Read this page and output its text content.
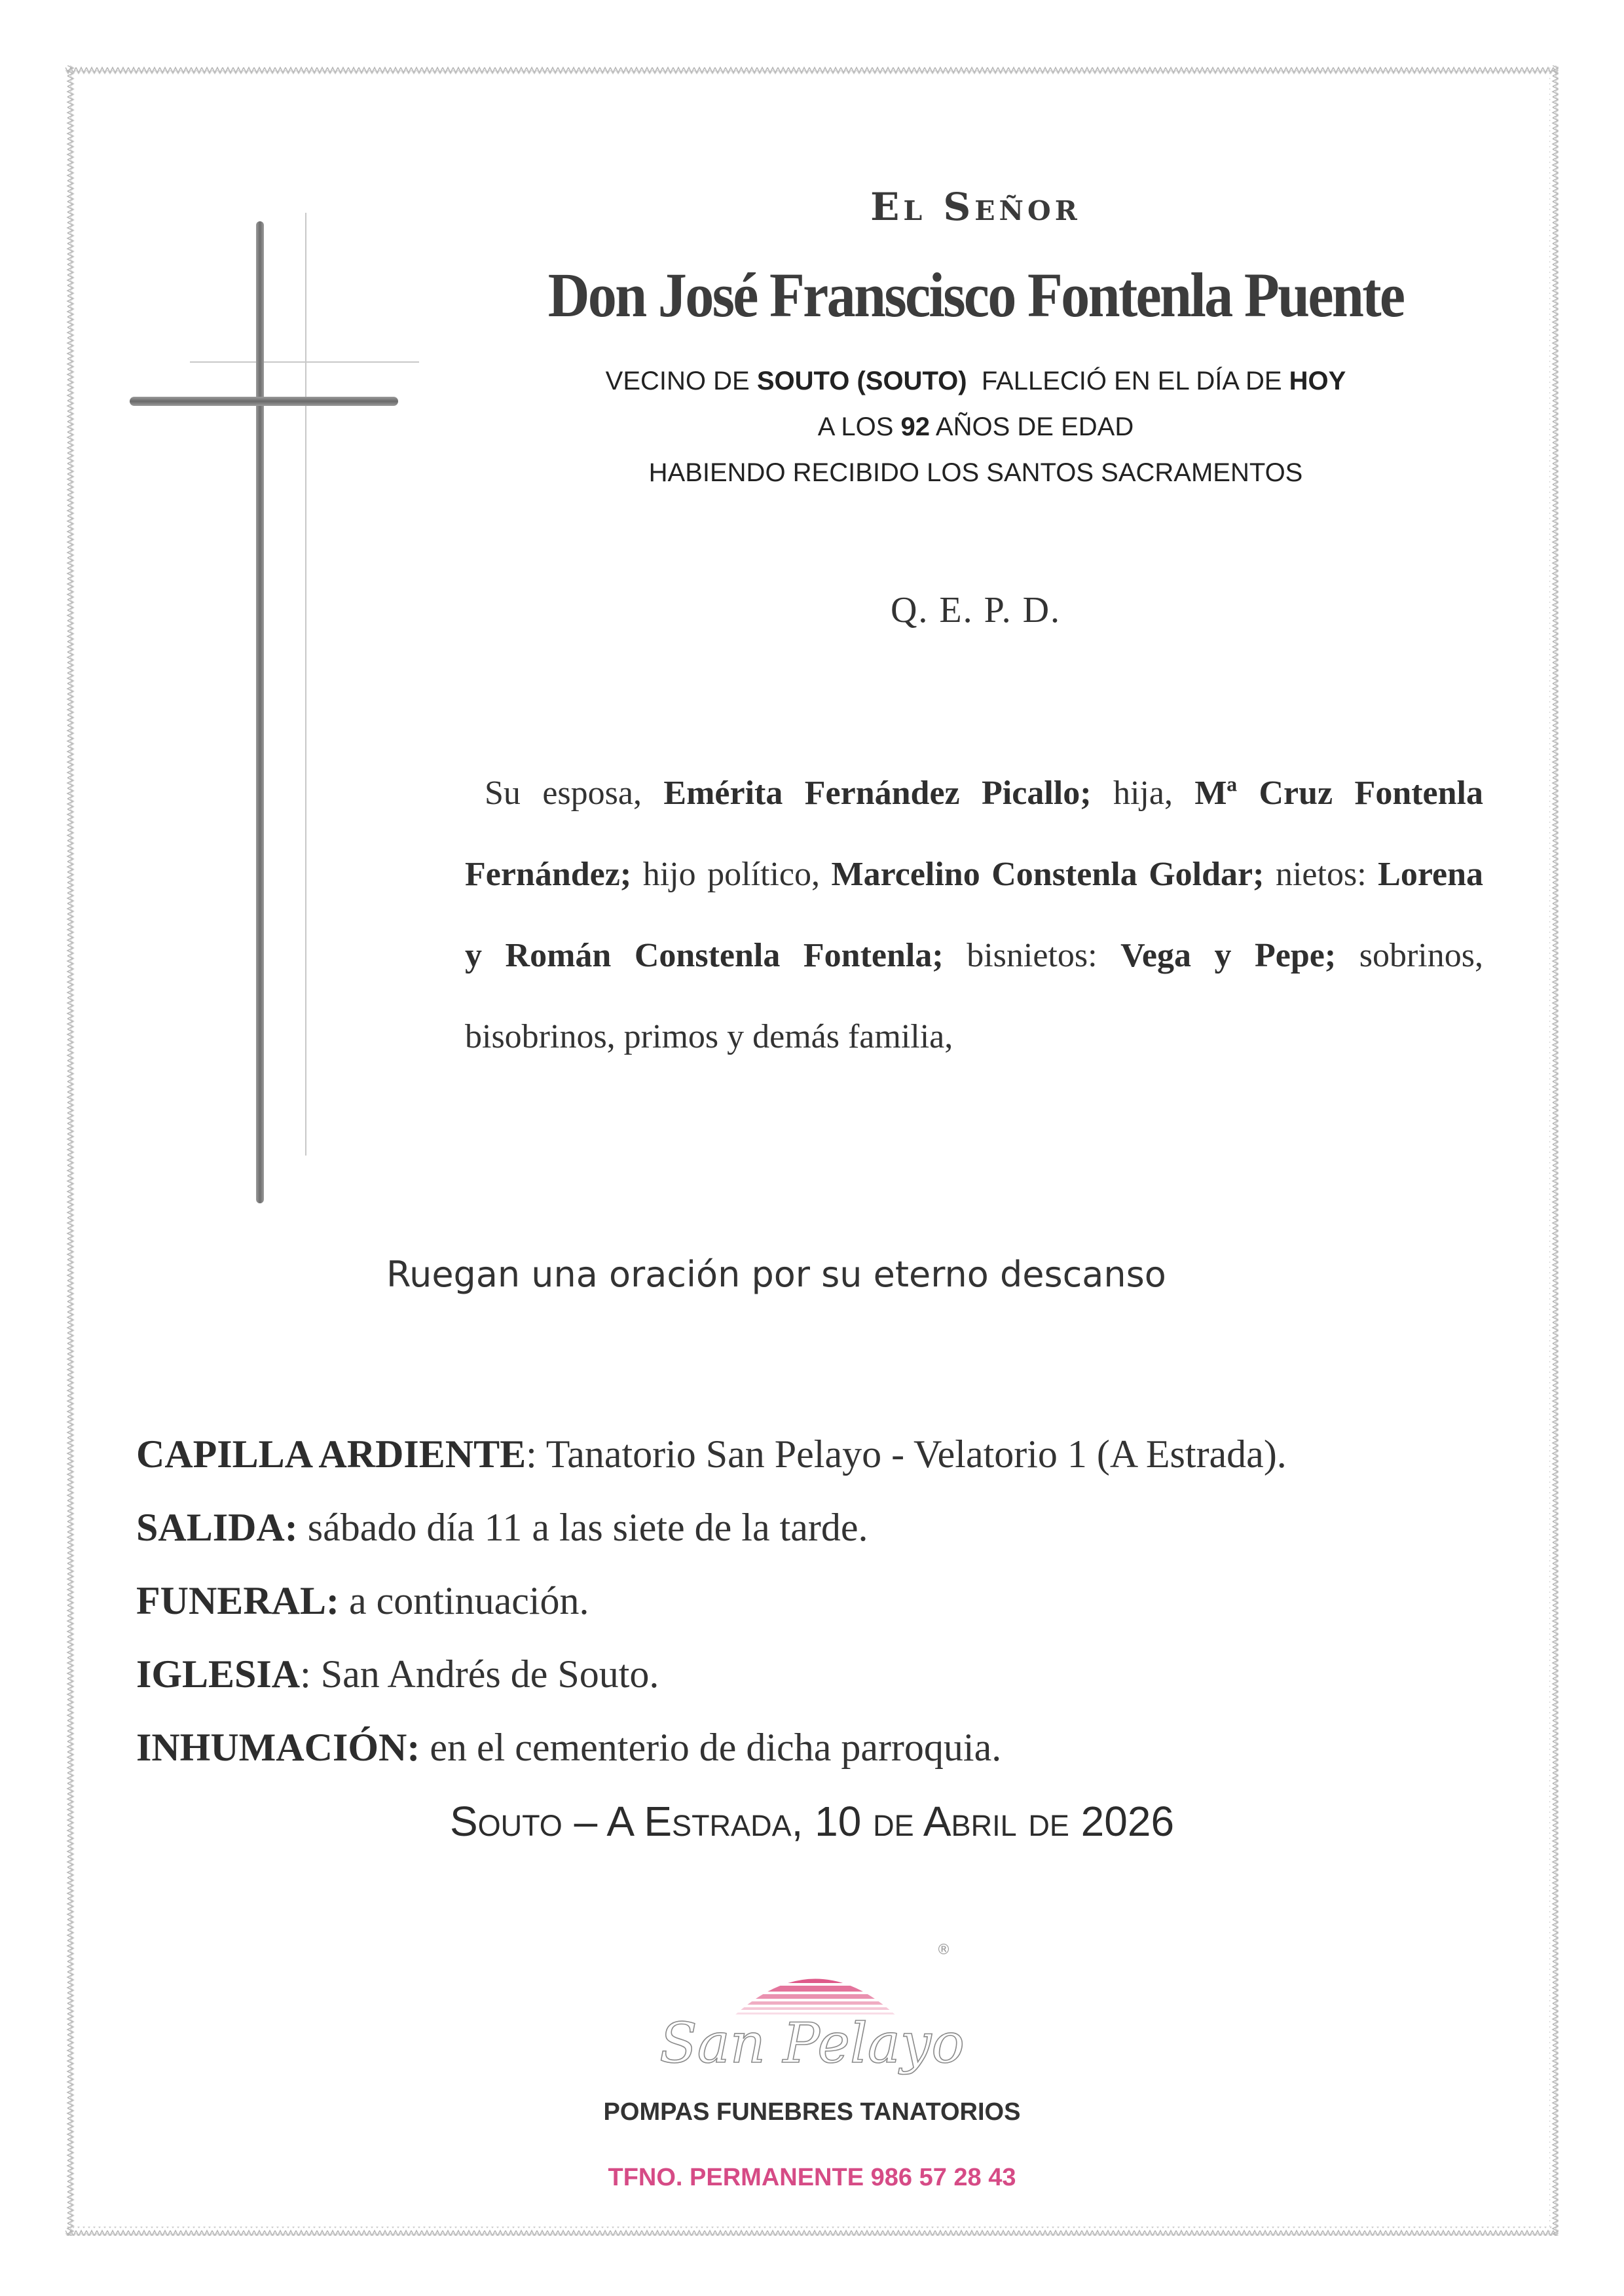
El Señor
Don José Franscisco Fontenla Puente
VECINO DE SOUTO (SOUTO)  FALLECIÓ EN EL DÍA DE HOY
A LOS 92 AÑOS DE EDAD
HABIENDO RECIBIDO LOS SANTOS SACRAMENTOS
Q. E. P. D.
Su esposa, Emérita Fernández Picallo; hija, Mª Cruz Fontenla Fernández; hijo político, Marcelino Constenla Goldar; nietos: Lorena y Román Constenla Fontenla; bisnietos: Vega y Pepe; sobrinos, bisobrinos, primos y demás familia,
Ruegan una oración por su eterno descanso
CAPILLA ARDIENTE: Tanatorio San Pelayo - Velatorio 1 (A Estrada).
SALIDA: sábado día 11 a las siete de la tarde.
FUNERAL: a continuación.
IGLESIA: San Andrés de Souto.
INHUMACIÓN: en el cementerio de dicha parroquia.
Souto – A Estrada, 10 de Abril de 2026
®
San Pelayo
POMPAS FUNEBRES TANATORIOS
TFNO. PERMANENTE 986 57 28 43
